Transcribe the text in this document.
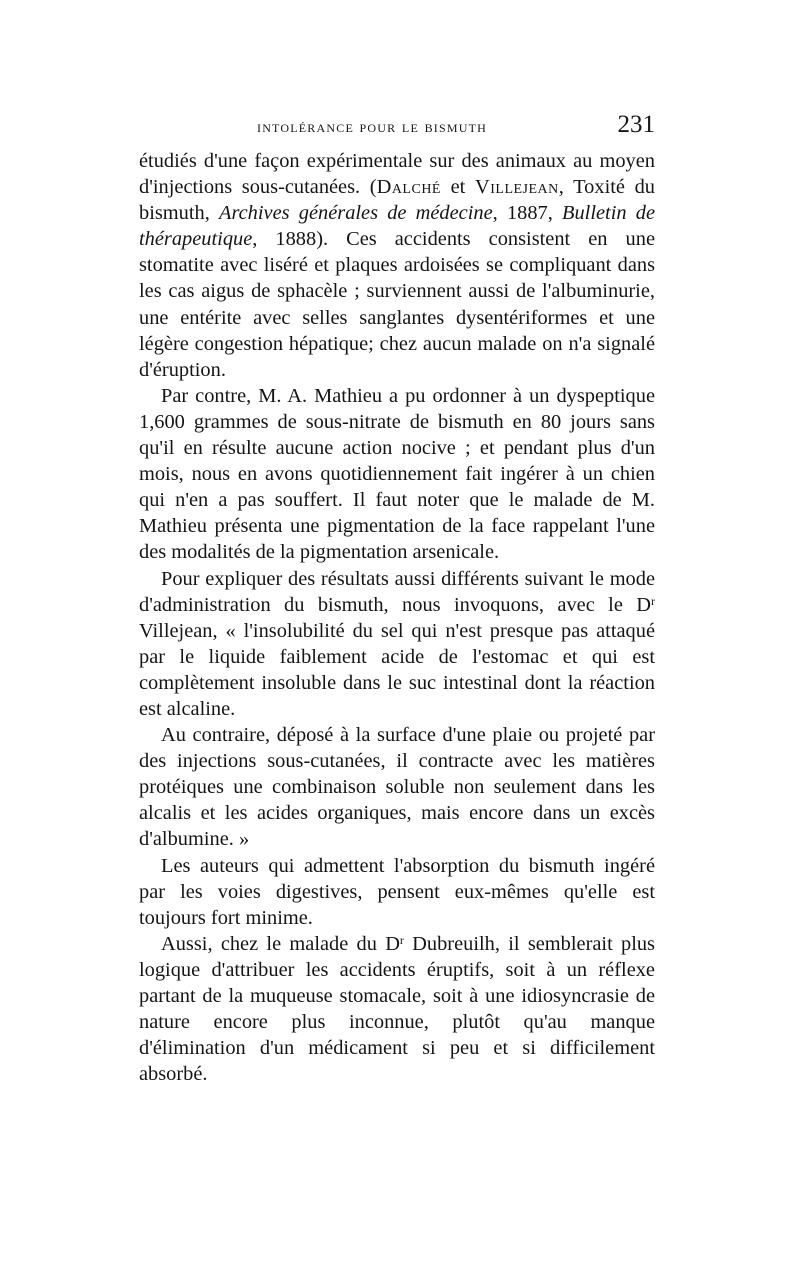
intolérance pour le bismuth	231

étudiés d'une façon expérimentale sur des animaux au moyen d'injections sous-cutanées. (Dalché et Villejean, Toxité du bismuth, Archives générales de médecine, 1887, Bulletin de thérapeutique, 1888). Ces accidents consistent en une stomatite avec liséré et plaques ardoisées se compliquant dans les cas aigus de sphacèle ; surviennent aussi de l'albuminurie, une entérite avec selles sanglantes dysentériformes et une légère congestion hépatique; chez aucun malade on n'a signalé d'éruption.

Par contre, M. A. Mathieu a pu ordonner à un dyspeptique 1,600 grammes de sous-nitrate de bismuth en 80 jours sans qu'il en résulte aucune action nocive ; et pendant plus d'un mois, nous en avons quotidiennement fait ingérer à un chien qui n'en a pas souffert. Il faut noter que le malade de M. Mathieu présenta une pigmentation de la face rappelant l'une des modalités de la pigmentation arsenicale.

Pour expliquer des résultats aussi différents suivant le mode d'administration du bismuth, nous invoquons, avec le $D^r$ Villejean, « l'insolubilité du sel qui n'est presque pas attaqué par le liquide faiblement acide de l'estomac et qui est complètement insoluble dans le suc intestinal dont la réaction est alcaline.

Au contraire, déposé à la surface d'une plaie ou projeté par des injections sous-cutanées, il contracte avec les matières protéiques une combinaison soluble non seulement dans les alcalis et les acides organiques, mais encore dans un excès d'albumine. »

Les auteurs qui admettent l'absorption du bismuth ingéré par les voies digestives, pensent eux-mêmes qu'elle est toujours fort minime.

Aussi, chez le malade du $D^r$ Dubreuilh, il semblerait plus logique d'attribuer les accidents éruptifs, soit à un réflexe partant de la muqueuse stomacale, soit à une idiosyncrasie de nature encore plus inconnue, plutôt qu'au manque d'élimination d'un médicament si peu et si difficilement absorbé.
